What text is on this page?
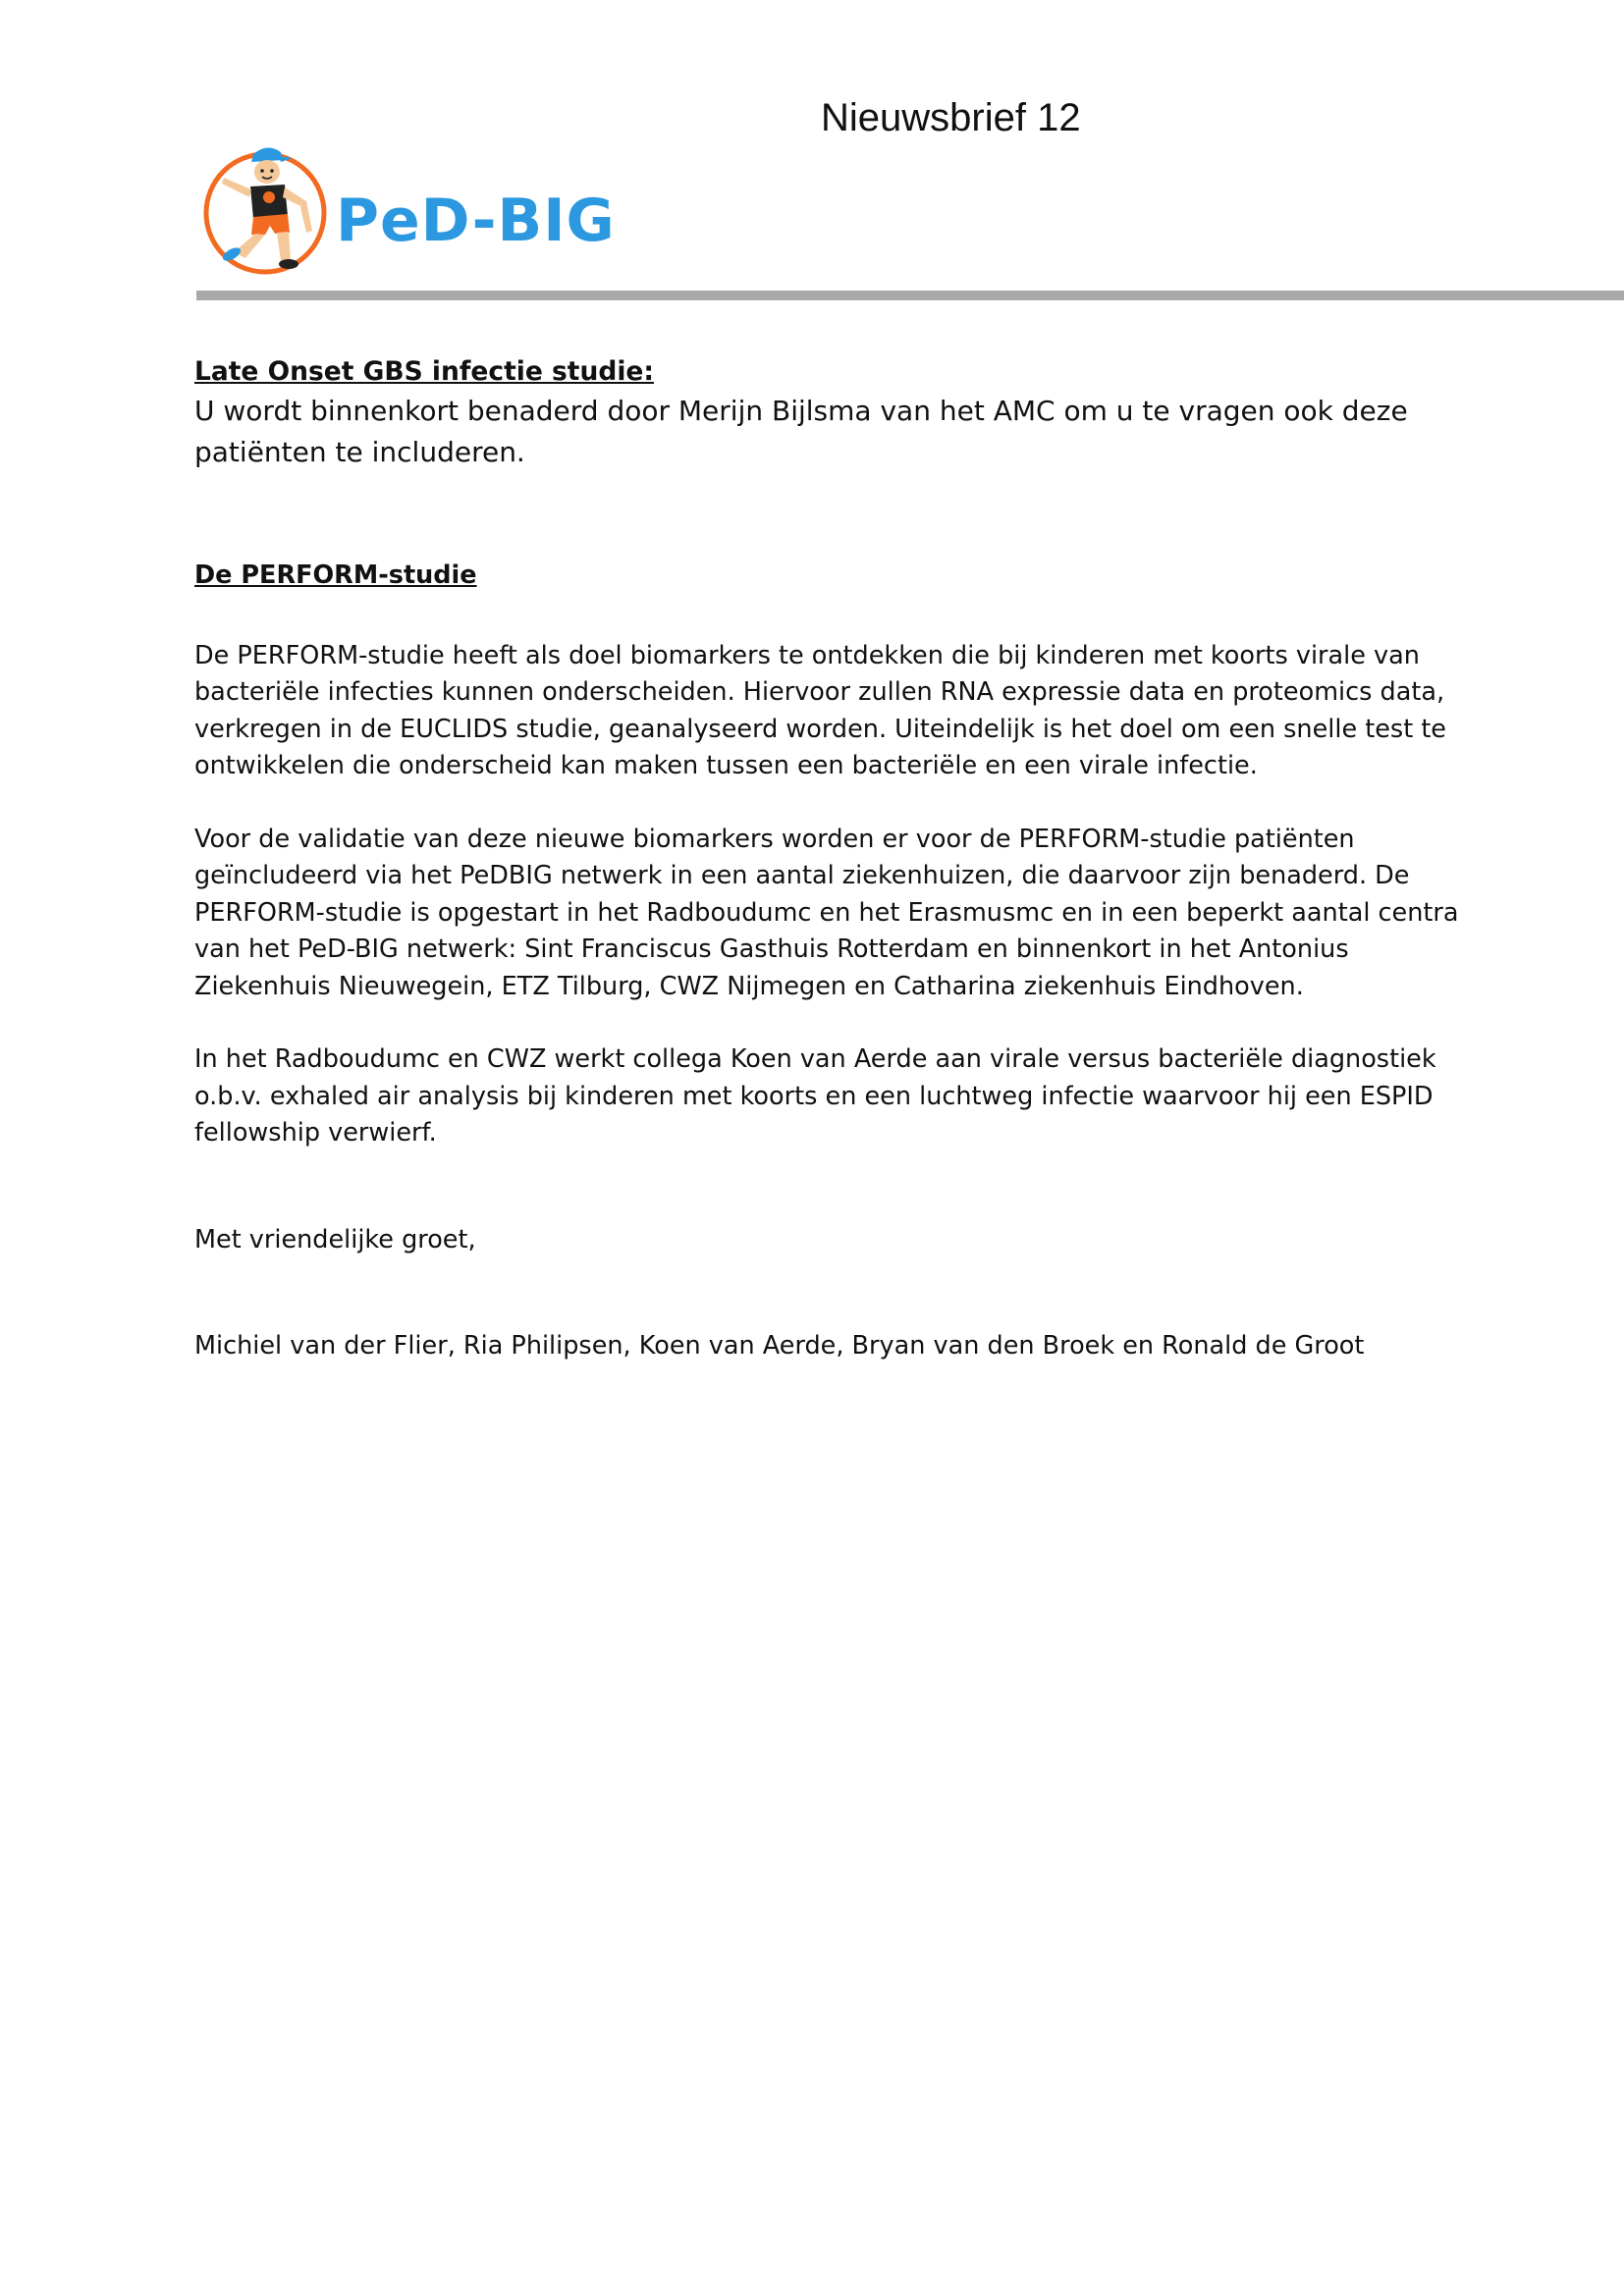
Nieuwsbrief 12
PeD-BIG

Late Onset GBS infectie studie:

U wordt binnenkort benaderd door Merijn Bijlsma van het AMC om u te vragen ook deze

patiënten te includeren.

De PERFORM-studie

De PERFORM-studie heeft als doel biomarkers te ontdekken die bij kinderen met koorts virale van

bacteriële infecties kunnen onderscheiden. Hiervoor zullen RNA expressie data en proteomics data,

verkregen in de EUCLIDS studie, geanalyseerd worden. Uiteindelijk is het doel om een snelle test te

ontwikkelen die onderscheid kan maken tussen een bacteriële en een virale infectie.

Voor de validatie van deze nieuwe biomarkers worden er voor de PERFORM-studie patiënten

geïncludeerd via het PeDBIG netwerk in een aantal ziekenhuizen, die daarvoor zijn benaderd. De

PERFORM-studie is opgestart in het Radboudumc en het Erasmusmc en in een beperkt aantal centra

van het PeD-BIG netwerk: Sint Franciscus Gasthuis Rotterdam en binnenkort in het Antonius

Ziekenhuis Nieuwegein, ETZ Tilburg, CWZ Nijmegen en Catharina ziekenhuis Eindhoven.

In het Radboudumc en CWZ werkt collega Koen van Aerde aan virale versus bacteriële diagnostiek

o.b.v. exhaled air analysis bij kinderen met koorts en een luchtweg infectie waarvoor hij een ESPID

fellowship verwierf.

Met vriendelijke groet,

Michiel van der Flier, Ria Philipsen, Koen van Aerde, Bryan van den Broek en Ronald de Groot
